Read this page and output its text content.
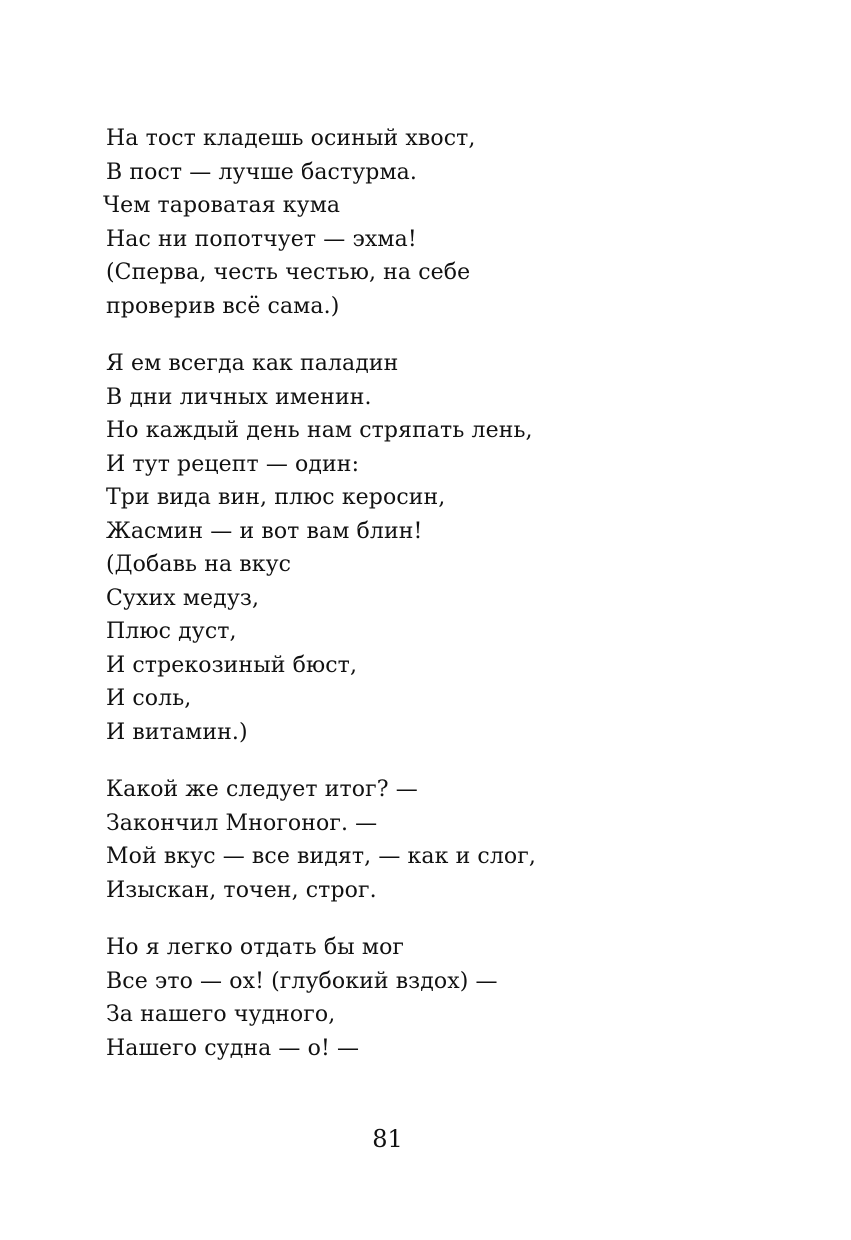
На тост кладешь осиный хвост,
В пост — лучше бастурма.
Чем тароватая кума
Нас ни попотчует — эхма!
(Сперва, честь честью, на себе
проверив всё сама.)
Я ем всегда как паладин
В дни личных именин.
Но каждый день нам стряпать лень,
И тут рецепт — один:
Три вида вин, плюс керосин,
Жасмин — и вот вам блин!
(Добавь на вкус
Сухих медуз,
Плюс дуст,
И стрекозиный бюст,
И соль,
И витамин.)
Какой же следует итог? —
Закончил Многоног. —
Мой вкус — все видят, — как и слог,
Изыскан, точен, строг.
Но я легко отдать бы мог
Все это — ох! (глубокий вздох) —
За нашего чудного,
Нашего судна — о! —
81
